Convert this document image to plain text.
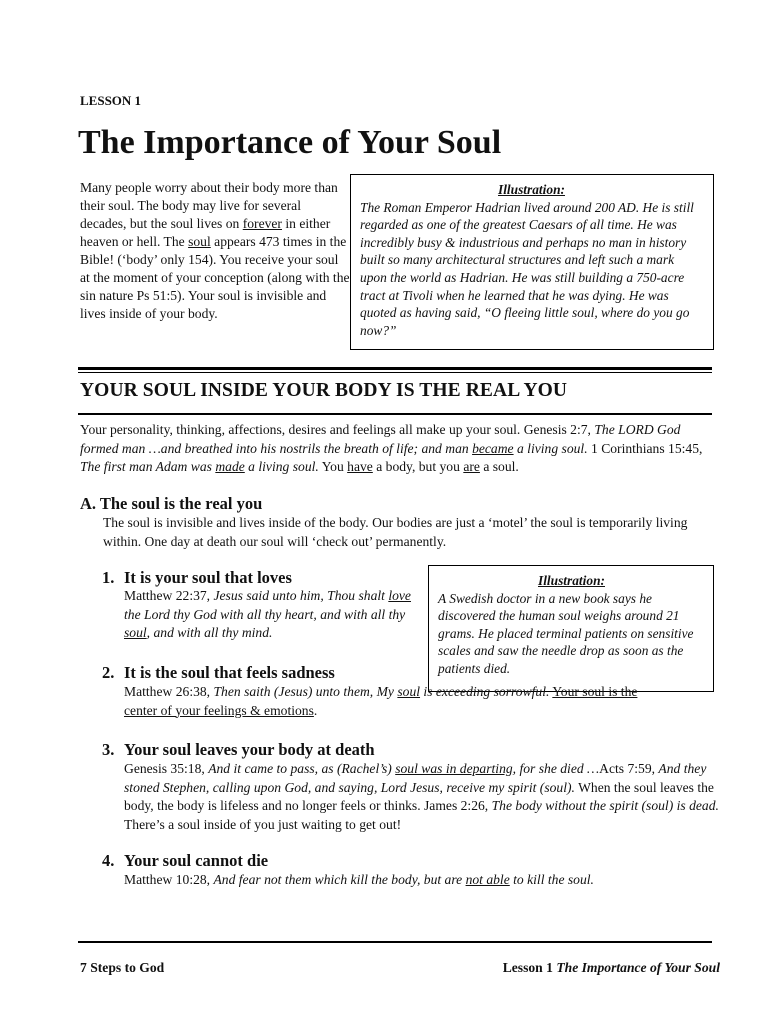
LESSON 1
The Importance of Your Soul
Many people worry about their body more than their soul. The body may live for several decades, but the soul lives on forever in either heaven or hell. The soul appears 473 times in the Bible! (‘body’ only 154). You receive your soul at the moment of your conception (along with the sin nature Ps 51:5). Your soul is invisible and lives inside of your body.
Illustration:
The Roman Emperor Hadrian lived around 200 AD. He is still regarded as one of the greatest Caesars of all time. He was incredibly busy & industrious and perhaps no man in history built so many architectural structures and left such a mark upon the world as Hadrian. He was still building a 750-acre tract at Tivoli when he learned that he was dying. He was quoted as having said, “O fleeing little soul, where do you go now?”
YOUR SOUL INSIDE YOUR BODY IS THE REAL YOU
Your personality, thinking, affections, desires and feelings all make up your soul. Genesis 2:7, The LORD God formed man …and breathed into his nostrils the breath of life; and man became a living soul. 1 Corinthians 15:45, The first man Adam was made a living soul. You have a body, but you are a soul.
A. The soul is the real you
The soul is invisible and lives inside of the body. Our bodies are just a ‘motel’ the soul is temporarily living within. One day at death our soul will ‘check out’ permanently.
1. It is your soul that loves
Matthew 22:37, Jesus said unto him, Thou shalt love the Lord thy God with all thy heart, and with all thy soul, and with all thy mind.
Illustration:
A Swedish doctor in a new book says he discovered the human soul weighs around 21 grams. He placed terminal patients on sensitive scales and saw the needle drop as soon as the patients died.
2. It is the soul that feels sadness
Matthew 26:38, Then saith (Jesus) unto them, My soul is exceeding sorrowful. Your soul is the center of your feelings & emotions.
3. Your soul leaves your body at death
Genesis 35:18, And it came to pass, as (Rachel’s) soul was in departing, for she died …Acts 7:59, And they stoned Stephen, calling upon God, and saying, Lord Jesus, receive my spirit (soul). When the soul leaves the body, the body is lifeless and no longer feels or thinks. James 2:26, The body without the spirit (soul) is dead. There’s a soul inside of you just waiting to get out!
4. Your soul cannot die
Matthew 10:28, And fear not them which kill the body, but are not able to kill the soul.
7 Steps to God	Lesson 1 The Importance of Your Soul
